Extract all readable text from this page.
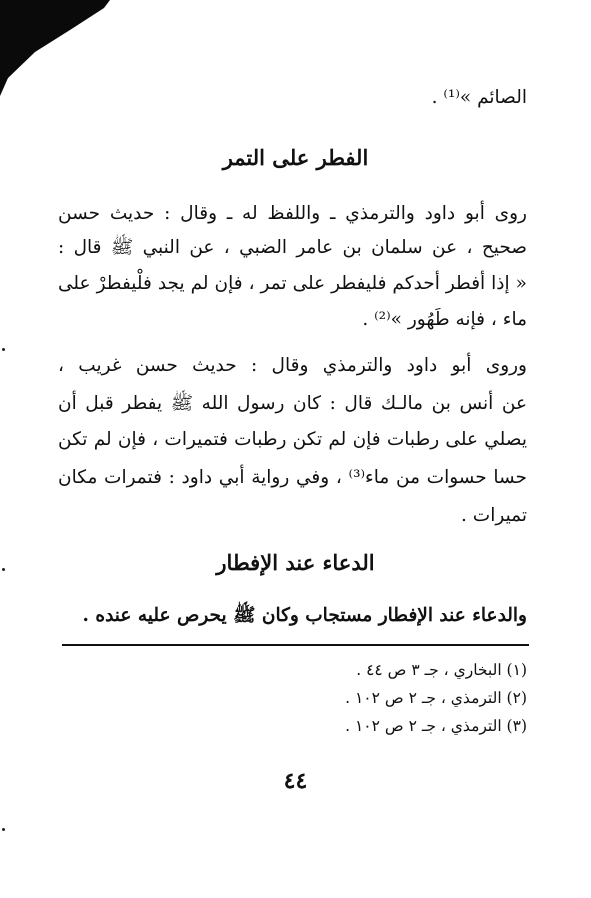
الصائم »⁽¹⁾ .
الفطر على التمر
روى أبو داود والترمذي ـ واللفظ له ـ وقال : حديث حسن
صحيح ، عن سلمان بن عامر الضبي ، عن النبي ﷺ قال :
« إذا أفطر أحدكم فليفطر على تمر ، فإن لم يجد فلْيفطرْ على
ماء ، فإنه طَهُور »⁽²⁾ .
وروى أبو داود والترمذي وقال : حديث حسن غريب ،
عن أنس بن مالـك قال : كان رسول الله ﷺ يفطر قبل أن
يصلي على رطبات فإن لم تكن رطبات فتميرات ، فإن لم تكن
حسا حسوات من ماء⁽³⁾ ، وفي رواية أبي داود : فتمرات مكان
تميرات .
الدعاء عند الإفطار
والدعاء عند الإفطار مستجاب وكان ﷺ يحرص عليه عنده .
(١) البخاري ، جـ ٣ ص ٤٤ .
(٢) الترمذي ، جـ ٢ ص ١٠٢ .
(٣) الترمذي ، جـ ٢ ص ١٠٢ .
٤٤
